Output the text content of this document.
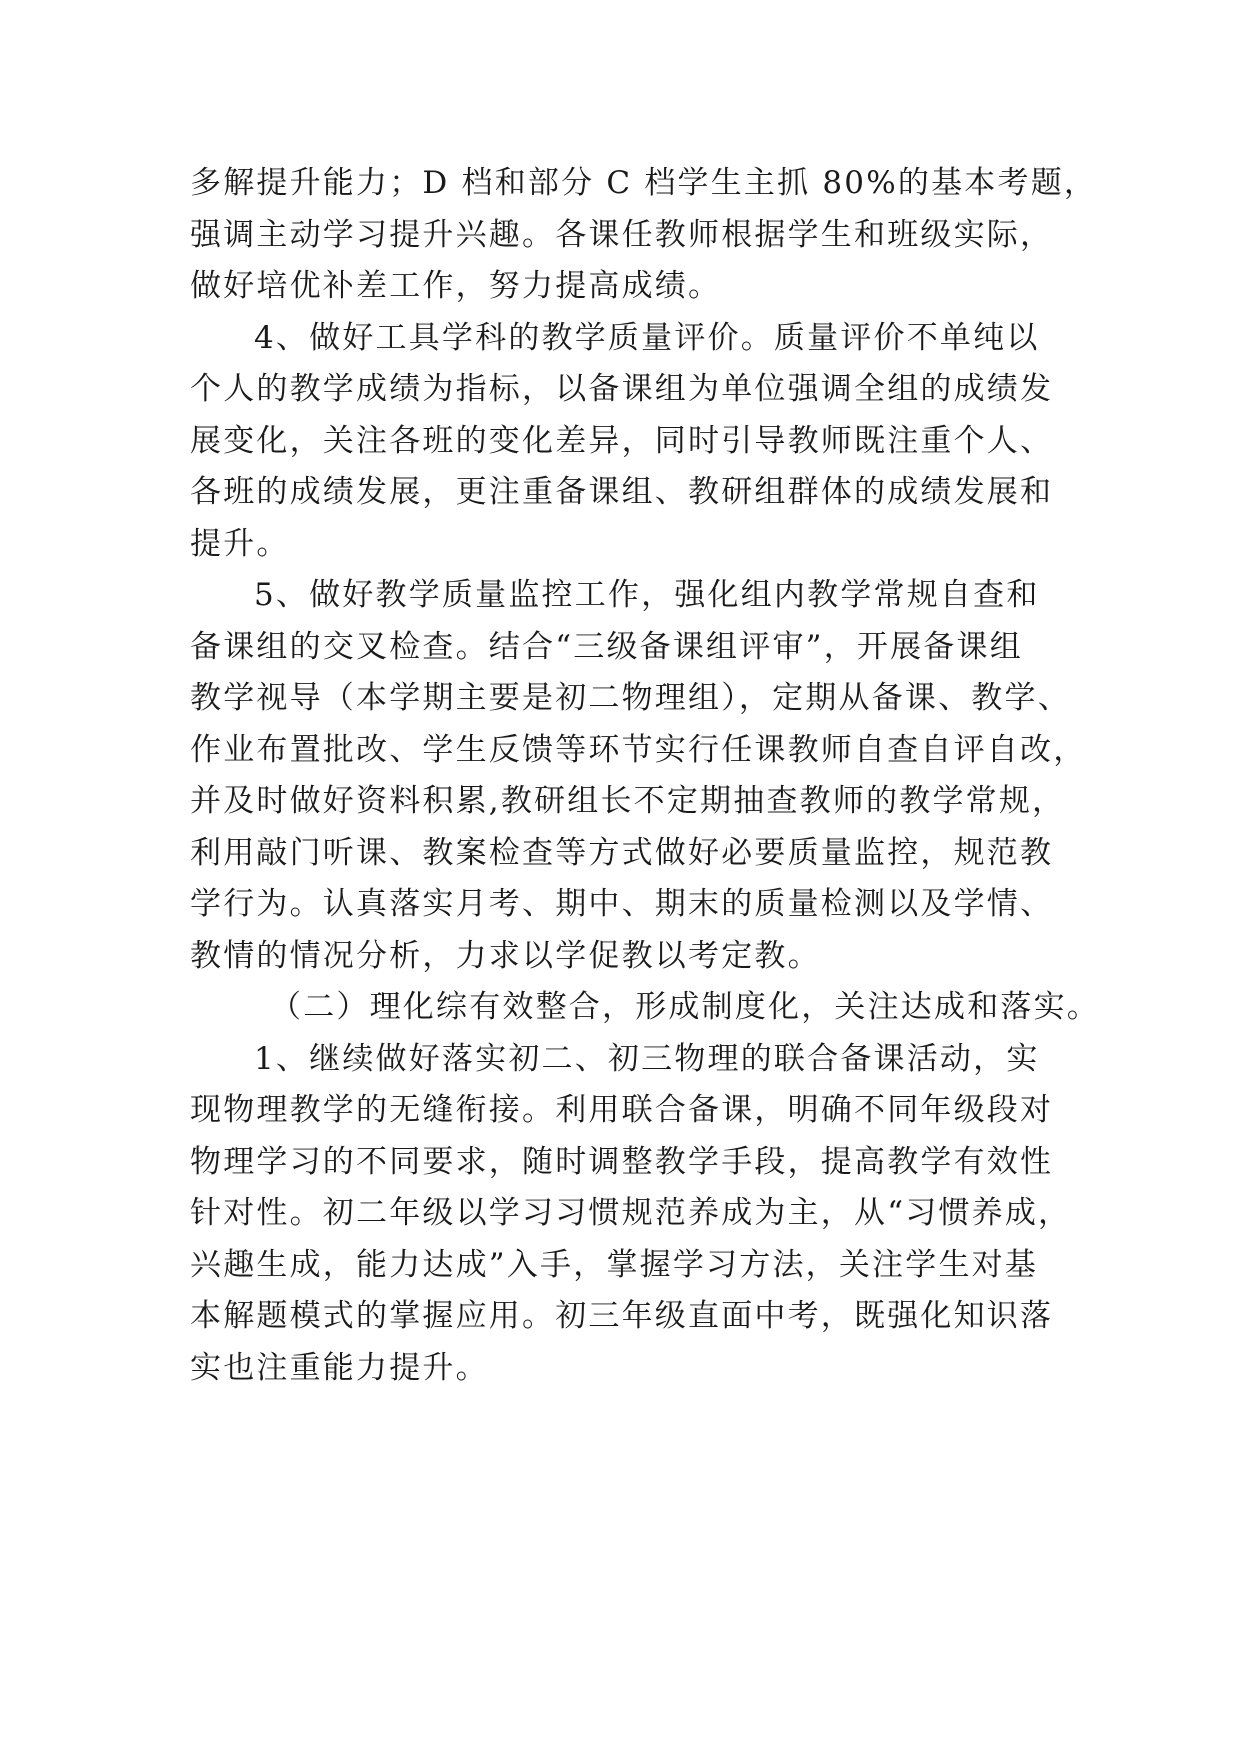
多解提升能力；D 档和部分 C 档学生主抓 80%的基本考题，
强调主动学习提升兴趣。各课任教师根据学生和班级实际，
做好培优补差工作，努力提高成绩。
4、做好工具学科的教学质量评价。质量评价不单纯以
个人的教学成绩为指标，以备课组为单位强调全组的成绩发
展变化，关注各班的变化差异，同时引导教师既注重个人、
各班的成绩发展，更注重备课组、教研组群体的成绩发展和
提升。
5、做好教学质量监控工作，强化组内教学常规自查和
备课组的交叉检查。结合“三级备课组评审”，开展备课组
教学视导（本学期主要是初二物理组），定期从备课、教学、
作业布置批改、学生反馈等环节实行任课教师自查自评自改，
并及时做好资料积累,教研组长不定期抽查教师的教学常规，
利用敲门听课、教案检查等方式做好必要质量监控，规范教
学行为。认真落实月考、期中、期末的质量检测以及学情、
教情的情况分析，力求以学促教以考定教。
（二）理化综有效整合，形成制度化，关注达成和落实。
1、继续做好落实初二、初三物理的联合备课活动，实
现物理教学的无缝衔接。利用联合备课，明确不同年级段对
物理学习的不同要求，随时调整教学手段，提高教学有效性
针对性。初二年级以学习习惯规范养成为主，从“习惯养成，
兴趣生成，能力达成”入手，掌握学习方法，关注学生对基
本解题模式的掌握应用。初三年级直面中考，既强化知识落
实也注重能力提升。
